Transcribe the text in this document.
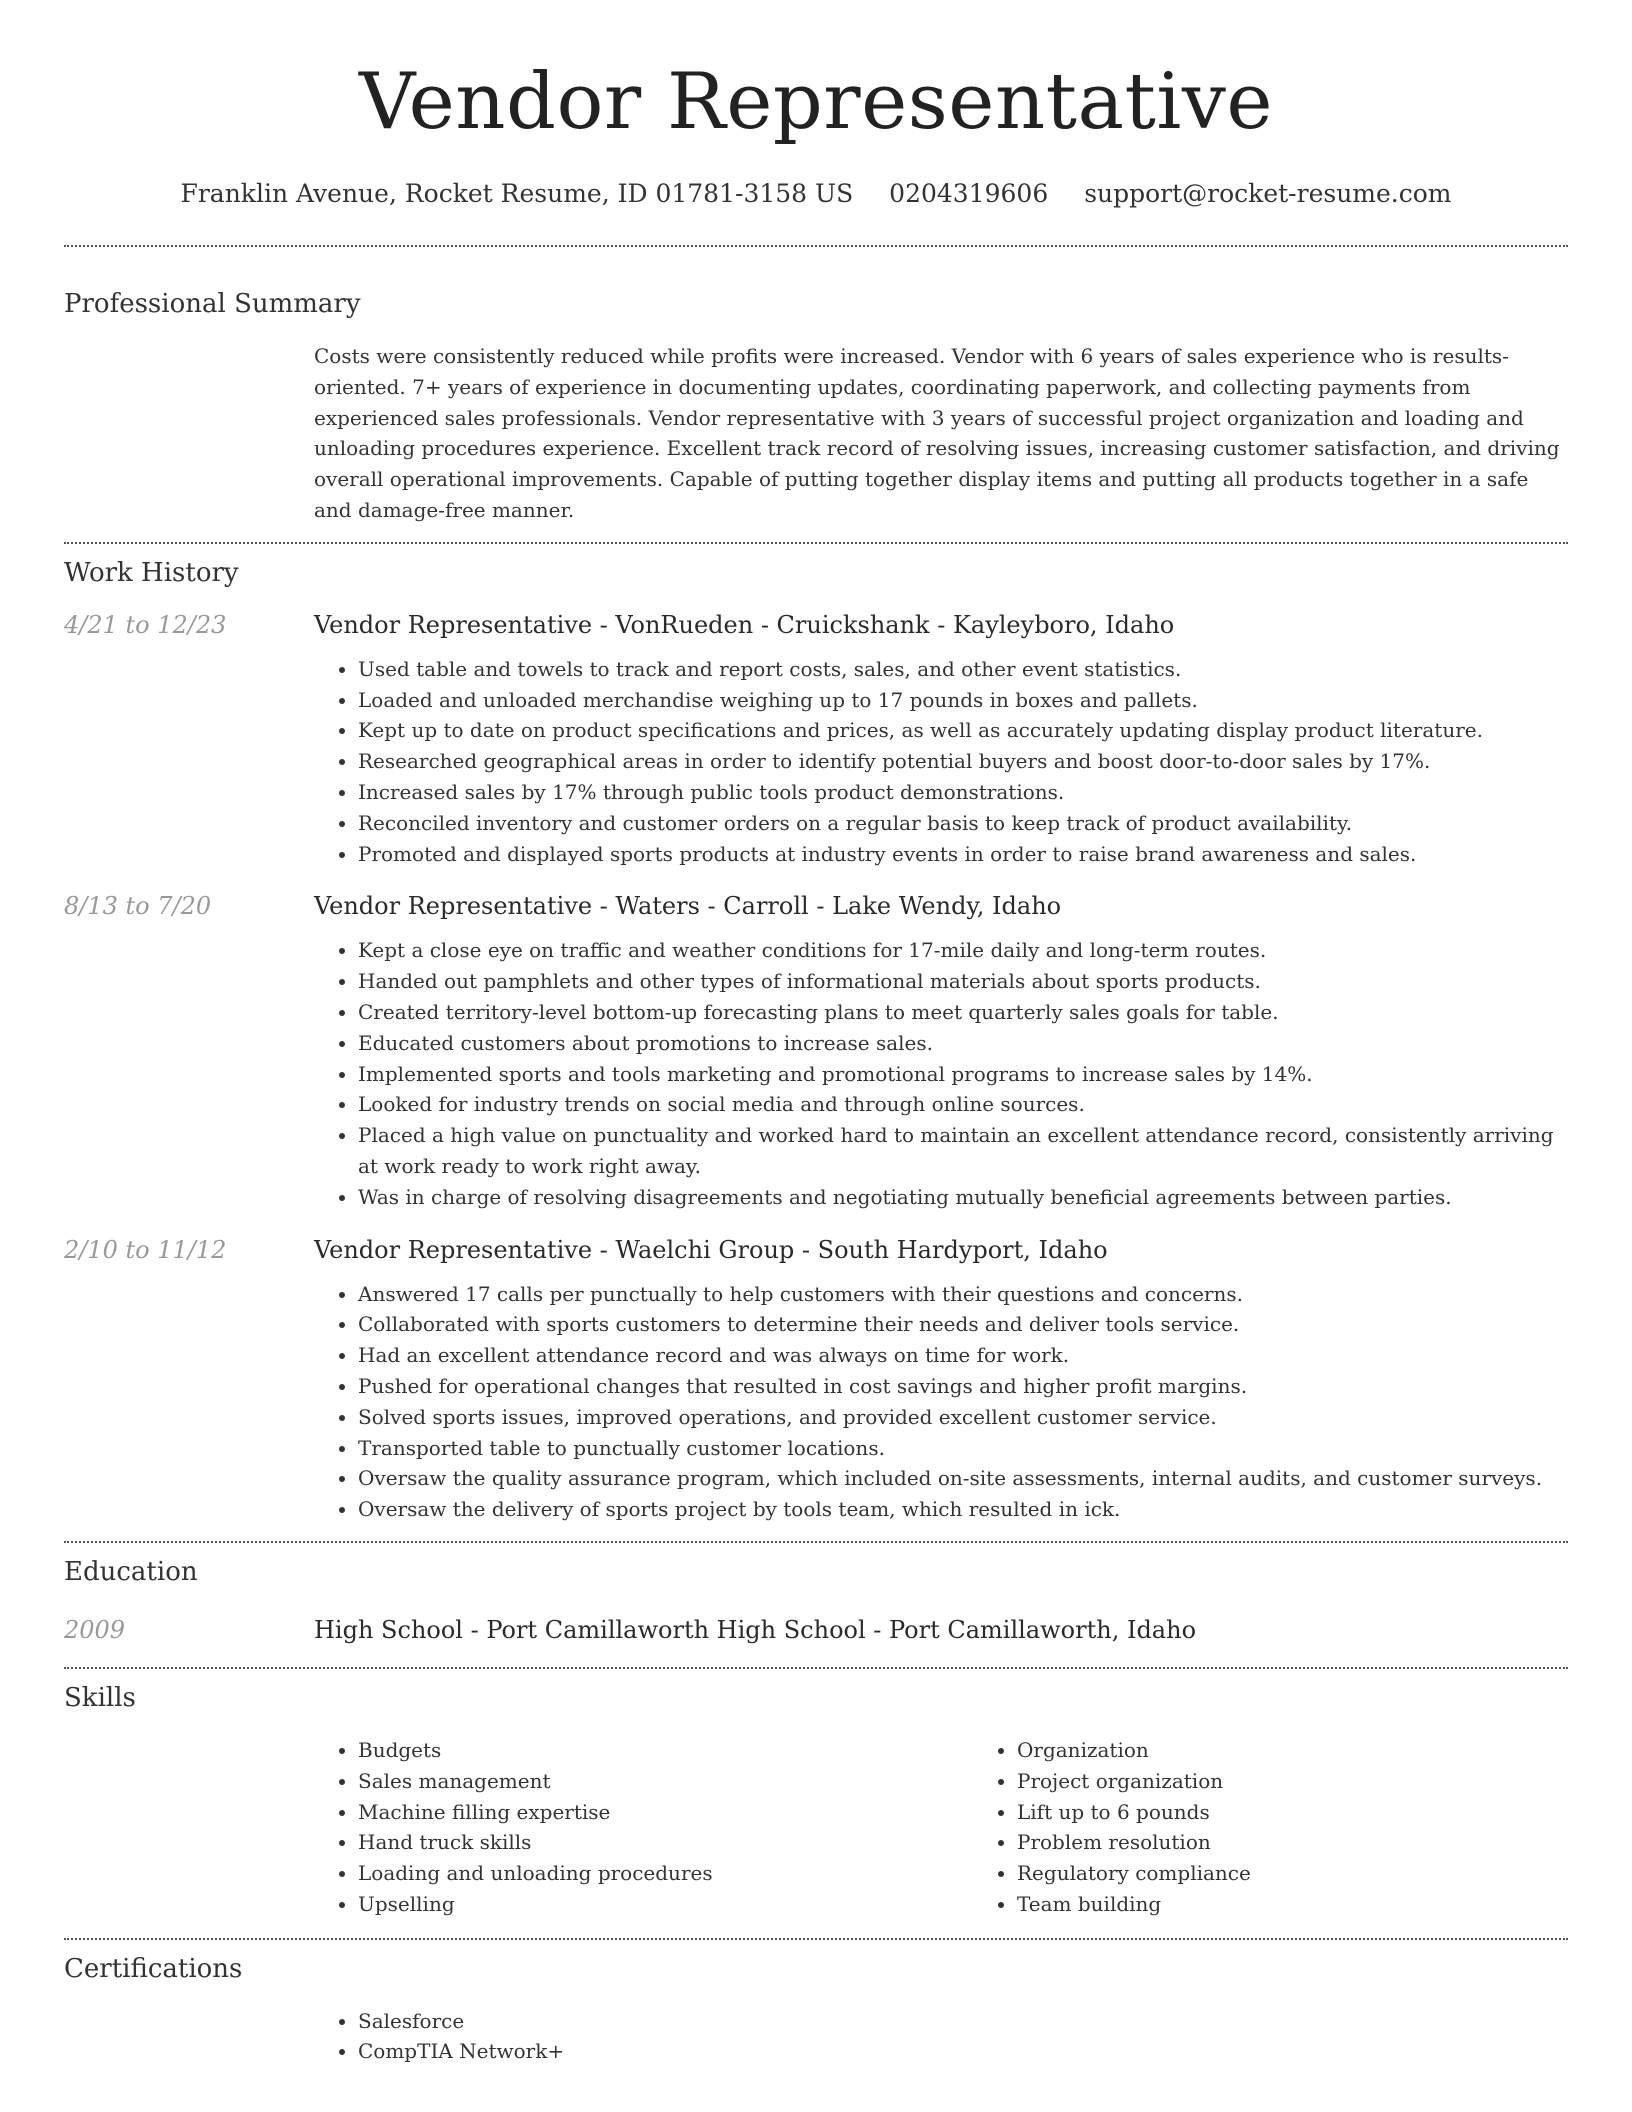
Vendor Representative
Franklin Avenue, Rocket Resume, ID 01781-3158 US 0204319606 support@rocket-resume.com
Professional Summary

Costs were consistently reduced while profits were increased. Vendor with 6 years of sales experience who is results-oriented. 7+ years of experience in documenting updates, coordinating paperwork, and collecting payments from experienced sales professionals. Vendor representative with 3 years of successful project organization and loading and unloading procedures experience. Excellent track record of resolving issues, increasing customer satisfaction, and driving overall operational improvements. Capable of putting together display items and putting all products together in a safe and damage-free manner.

Work History
4/21 to 12/23	Vendor Representative - VonRueden - Cruickshank - Kayleyboro, Idaho
• Used table and towels to track and report costs, sales, and other event statistics.
• Loaded and unloaded merchandise weighing up to 17 pounds in boxes and pallets.
• Kept up to date on product specifications and prices, as well as accurately updating display product literature.
• Researched geographical areas in order to identify potential buyers and boost door-to-door sales by 17%.
• Increased sales by 17% through public tools product demonstrations.
• Reconciled inventory and customer orders on a regular basis to keep track of product availability.
• Promoted and displayed sports products at industry events in order to raise brand awareness and sales.
8/13 to 7/20	Vendor Representative - Waters - Carroll - Lake Wendy, Idaho
• Kept a close eye on traffic and weather conditions for 17-mile daily and long-term routes.
• Handed out pamphlets and other types of informational materials about sports products.
• Created territory-level bottom-up forecasting plans to meet quarterly sales goals for table.
• Educated customers about promotions to increase sales.
• Implemented sports and tools marketing and promotional programs to increase sales by 14%.
• Looked for industry trends on social media and through online sources.
• Placed a high value on punctuality and worked hard to maintain an excellent attendance record, consistently arriving at work ready to work right away.
• Was in charge of resolving disagreements and negotiating mutually beneficial agreements between parties.
2/10 to 11/12	Vendor Representative - Waelchi Group - South Hardyport, Idaho
• Answered 17 calls per punctually to help customers with their questions and concerns.
• Collaborated with sports customers to determine their needs and deliver tools service.
• Had an excellent attendance record and was always on time for work.
• Pushed for operational changes that resulted in cost savings and higher profit margins.
• Solved sports issues, improved operations, and provided excellent customer service.
• Transported table to punctually customer locations.
• Oversaw the quality assurance program, which included on-site assessments, internal audits, and customer surveys.
• Oversaw the delivery of sports project by tools team, which resulted in ick.
Education
2009	High School - Port Camillaworth High School - Port Camillaworth, Idaho
Skills
• Budgets
• Sales management
• Machine filling expertise
• Hand truck skills
• Loading and unloading procedures
• Upselling
• Organization
• Project organization
• Lift up to 6 pounds
• Problem resolution
• Regulatory compliance
• Team building
Certifications
• Salesforce
• CompTIA Network+
